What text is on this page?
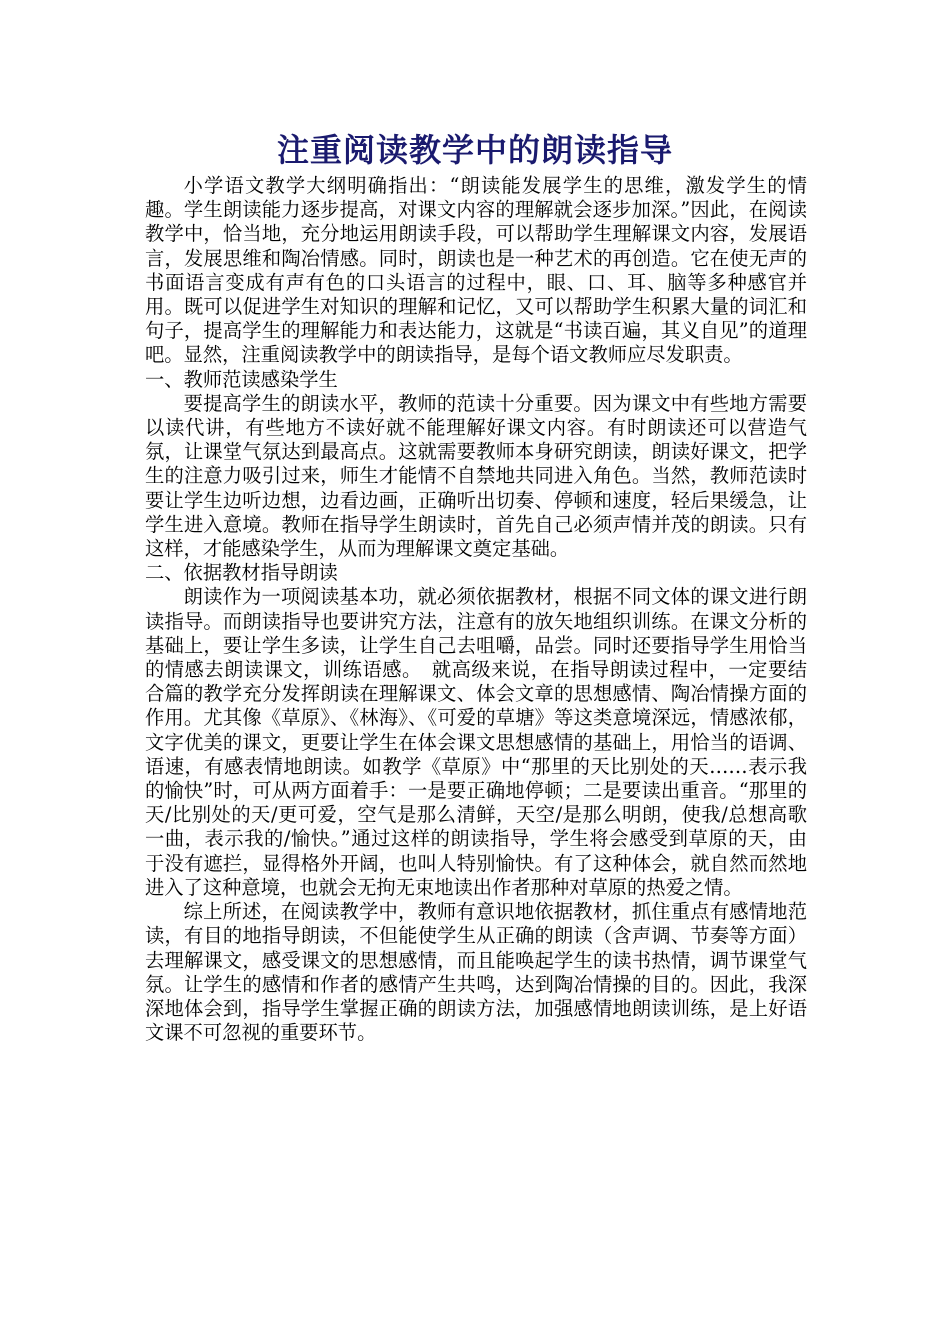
注重阅读教学中的朗读指导

小学语文教学大纲明确指出：“朗读能发展学生的思维，激发学生的情趣。学生朗读能力逐步提高，对课文内容的理解就会逐步加深。”因此，在阅读教学中，恰当地，充分地运用朗读手段，可以帮助学生理解课文内容，发展语言，发展思维和陶冶情感。同时，朗读也是一种艺术的再创造。它在使无声的书面语言变成有声有色的口头语言的过程中，眼、口、耳、脑等多种感官并用。既可以促进学生对知识的理解和记忆，又可以帮助学生积累大量的词汇和句子，提高学生的理解能力和表达能力，这就是“书读百遍，其义自见”的道理吧。显然，注重阅读教学中的朗读指导，是每个语文教师应尽发职责。

一、教师范读感染学生

要提高学生的朗读水平，教师的范读十分重要。因为课文中有些地方需要以读代讲，有些地方不读好就不能理解好课文内容。有时朗读还可以营造气氛，让课堂气氛达到最高点。这就需要教师本身研究朗读，朗读好课文，把学生的注意力吸引过来，师生才能情不自禁地共同进入角色。当然，教师范读时要让学生边听边想，边看边画，正确听出切奏、停顿和速度，轻后果缓急，让学生进入意境。教师在指导学生朗读时，首先自己必须声情并茂的朗读。只有这样，才能感染学生，从而为理解课文奠定基础。

二、依据教材指导朗读

朗读作为一项阅读基本功，就必须依据教材，根据不同文体的课文进行朗读指导。而朗读指导也要讲究方法，注意有的放矢地组织训练。在课文分析的基础上，要让学生多读，让学生自己去咀嚼，品尝。同时还要指导学生用恰当的情感去朗读课文，训练语感。　就高级来说，在指导朗读过程中，一定要结合篇的教学充分发挥朗读在理解课文、体会文章的思想感情、陶冶情操方面的作用。尤其像《草原》、《林海》、《可爱的草塘》等这类意境深远，情感浓郁，文字优美的课文，更要让学生在体会课文思想感情的基础上，用恰当的语调、语速，有感表情地朗读。如教学《草原》中“那里的天比别处的天……表示我的愉快”时，可从两方面着手：一是要正确地停顿；二是要读出重音。“那里的天/比别处的天/更可爱，空气是那么清鲜，天空/是那么明朗，使我/总想高歌一曲，表示我的/愉快。”通过这样的朗读指导，学生将会感受到草原的天，由于没有遮拦，显得格外开阔，也叫人特别愉快。有了这种体会，就自然而然地进入了这种意境，也就会无拘无束地读出作者那种对草原的热爱之情。

综上所述，在阅读教学中，教师有意识地依据教材，抓住重点有感情地范读，有目的地指导朗读，不但能使学生从正确的朗读（含声调、节奏等方面）去理解课文，感受课文的思想感情，而且能唤起学生的读书热情，调节课堂气氛。让学生的感情和作者的感情产生共鸣，达到陶冶情操的目的。因此，我深深地体会到，指导学生掌握正确的朗读方法，加强感情地朗读训练，是上好语文课不可忽视的重要环节。
